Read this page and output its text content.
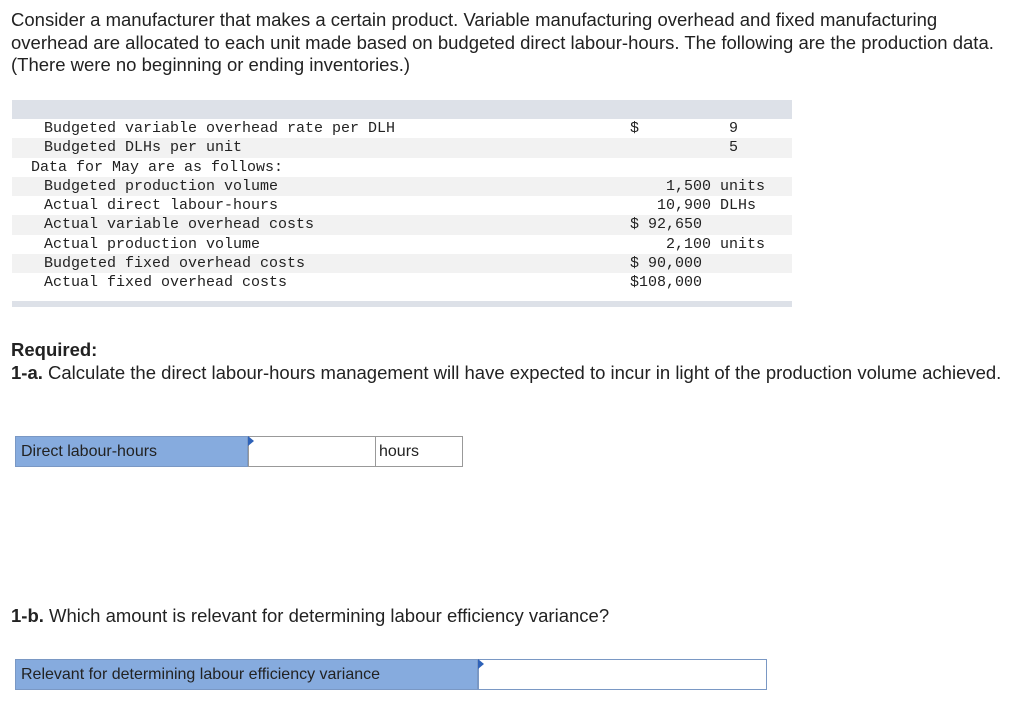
Consider a manufacturer that makes a certain product. Variable manufacturing overhead and fixed manufacturing overhead are allocated to each unit made based on budgeted direct labour-hours. The following are the production data. (There were no beginning or ending inventories.)

Budgeted variable overhead rate per DLH	$          9
Budgeted DLHs per unit	5
Data for May are as follows:
Budgeted production volume	1,500 units
Actual direct labour-hours	10,900 DLHs
Actual variable overhead costs	$ 92,650
Actual production volume	2,100 units
Budgeted fixed overhead costs	$ 90,000
Actual fixed overhead costs	$108,000
Required:
1-a. Calculate the direct labour-hours management will have expected to incur in light of the production volume achieved.
Direct labour-hours	hours
1-b. Which amount is relevant for determining labour efficiency variance?
Relevant for determining labour efficiency variance
